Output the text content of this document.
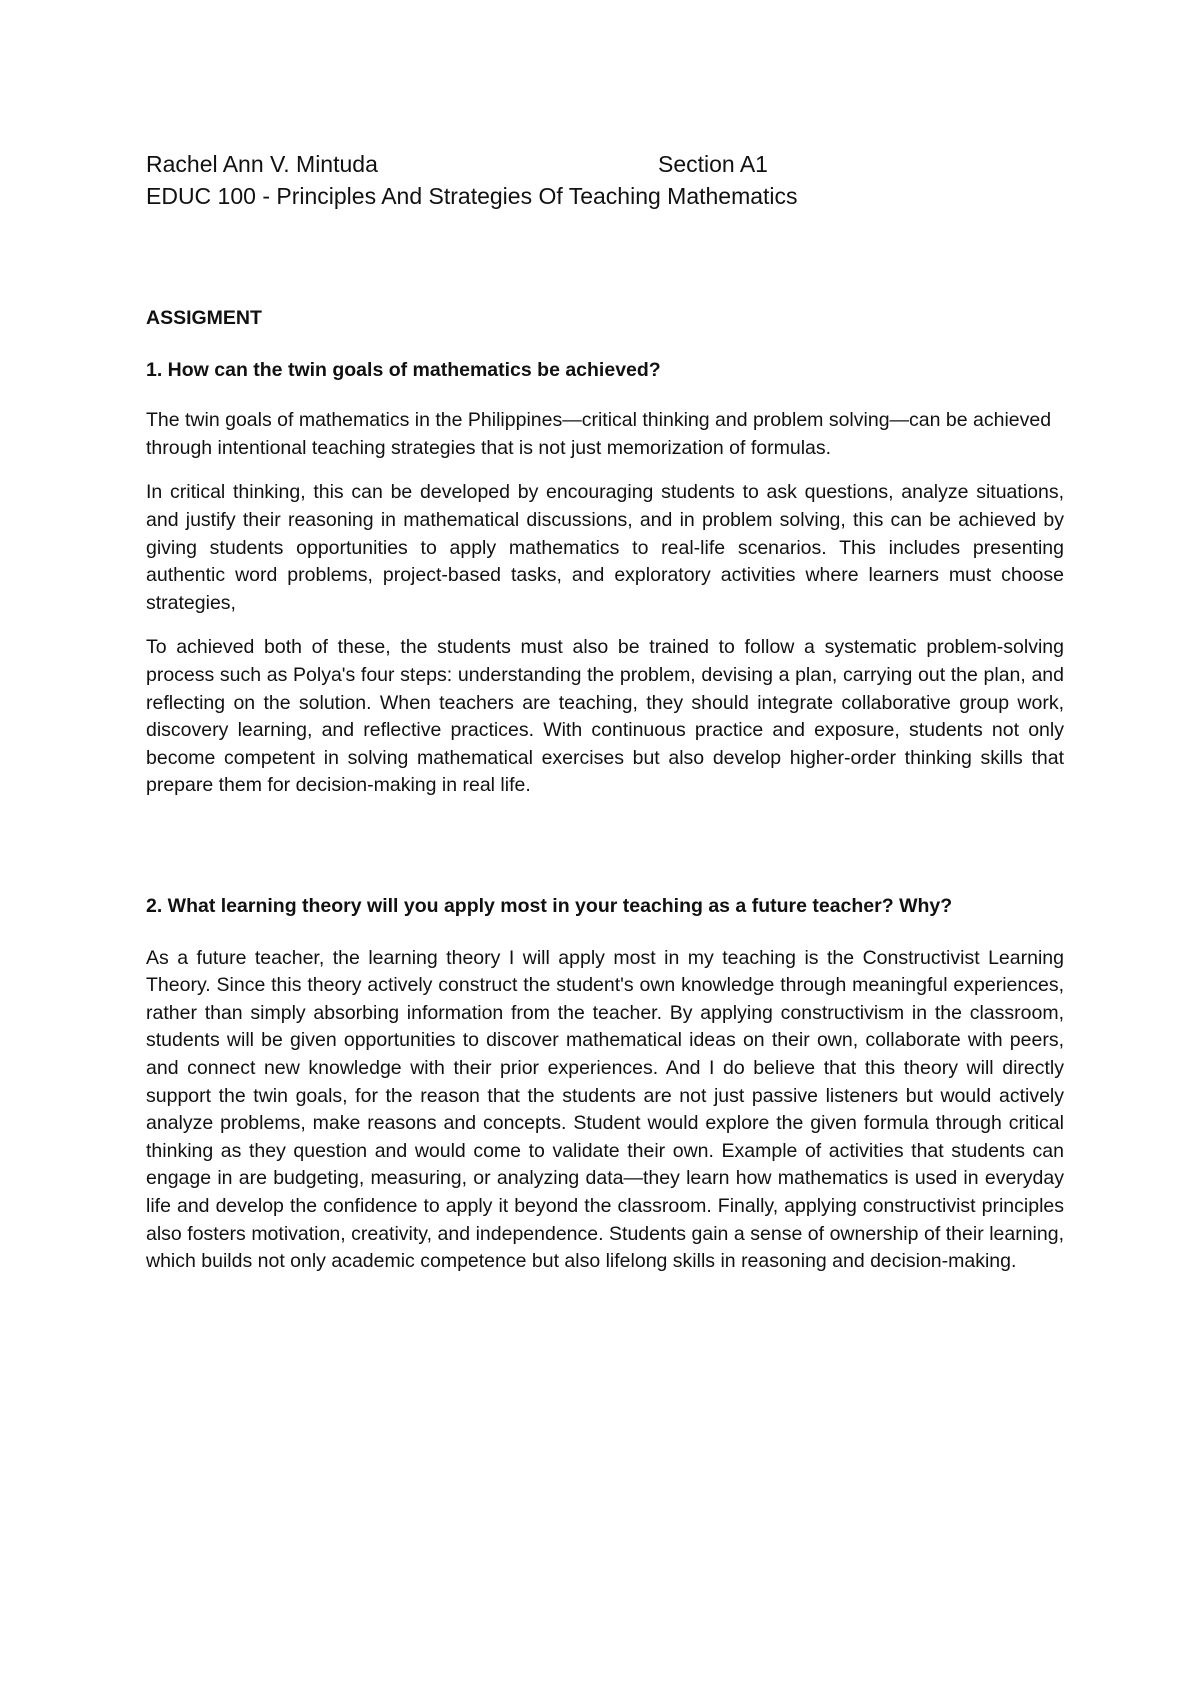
Rachel Ann V. Mintuda	Section A1
EDUC 100 - Principles And Strategies Of Teaching Mathematics

ASSIGMENT

1. How can the twin goals of mathematics be achieved?

The twin goals of mathematics in the Philippines—critical thinking and problem solving—can be achieved through intentional teaching strategies that is not just memorization of formulas.

In critical thinking, this can be developed by encouraging students to ask questions, analyze situations, and justify their reasoning in mathematical discussions, and in problem solving, this can be achieved by giving students opportunities to apply mathematics to real-life scenarios. This includes presenting authentic word problems, project-based tasks, and exploratory activities where learners must choose strategies,

To achieved both of these, the students must also be trained to follow a systematic problem-solving process such as Polya's four steps: understanding the problem, devising a plan, carrying out the plan, and reflecting on the solution. When teachers are teaching, they should integrate collaborative group work, discovery learning, and reflective practices. With continuous practice and exposure, students not only become competent in solving mathematical exercises but also develop higher-order thinking skills that prepare them for decision-making in real life.

2. What learning theory will you apply most in your teaching as a future teacher? Why?

As a future teacher, the learning theory I will apply most in my teaching is the Constructivist Learning Theory. Since this theory actively construct the student's own knowledge through meaningful experiences, rather than simply absorbing information from the teacher. By applying constructivism in the classroom, students will be given opportunities to discover mathematical ideas on their own, collaborate with peers, and connect new knowledge with their prior experiences. And I do believe that this theory will directly support the twin goals, for the reason that the students are not just passive listeners but would actively analyze problems, make reasons and concepts. Student would explore the given formula through critical thinking as they question and would come to validate their own. Example of activities that students can engage in are budgeting, measuring, or analyzing data—they learn how mathematics is used in everyday life and develop the confidence to apply it beyond the classroom. Finally, applying constructivist principles also fosters motivation, creativity, and independence. Students gain a sense of ownership of their learning, which builds not only academic competence but also lifelong skills in reasoning and decision-making.
